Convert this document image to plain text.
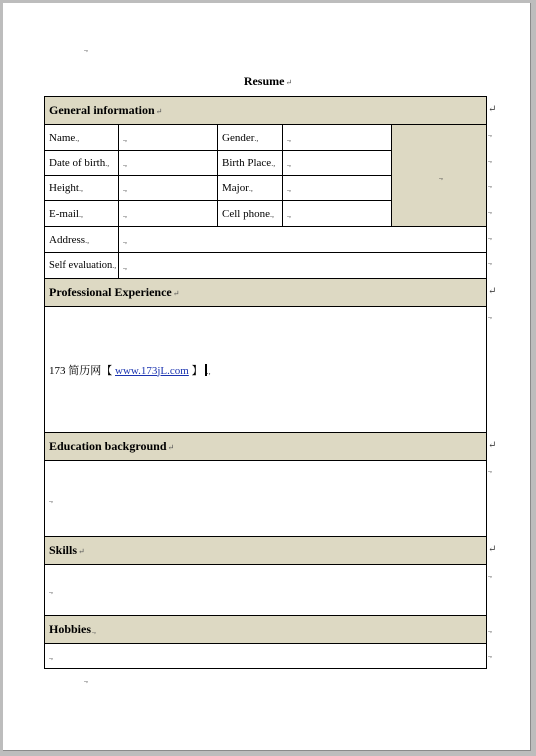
.,
Resume↵
General information↵				
Name.,	.,	Gender.,	.,	.,
Date of birth.,	.,	Birth Place.,	.,	
Height.,	.,	Major.,	.,	
E-mail.,	.,	Cell phone.,	.,	
Address.,	.,			
Self evaluation.,	.,			
Professional Experience↵				
173 简历网【 www.173jL.com 】 .,				
Education background↵				
.,				
Skills↵				
.,				
Hobbies.,				
.,				
↵
.,
.,
.,
.,
.,
.,
↵
.,
↵
.,
↵
.,
.,
.,
.,
